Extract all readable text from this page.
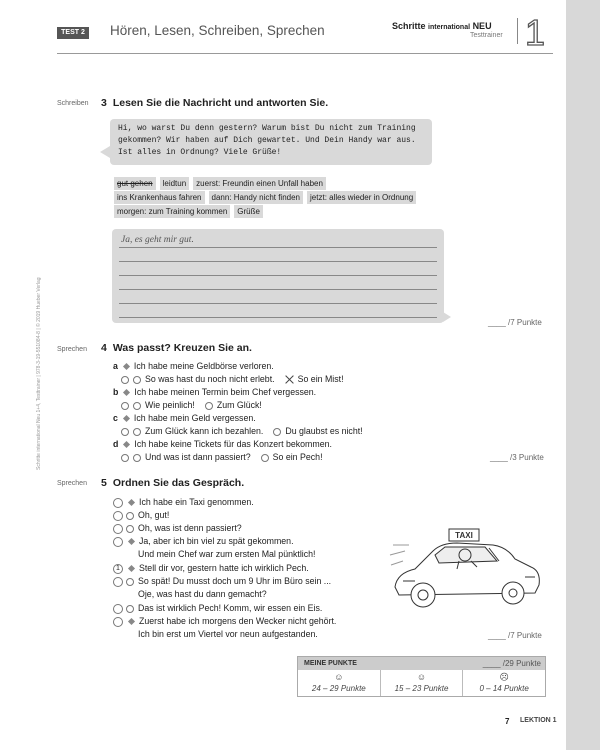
TEST 2	Hören, Lesen, Schreiben, Sprechen	Schritte international NEU
Testtrainer 1
Schreiben	3 Lesen Sie die Nachricht und antworten Sie.
Hi, wo warst Du denn gestern? Warum bist Du nicht zum Training
gekommen? Wir haben auf Dich gewartet. Und Dein Handy war aus.
Ist alles in Ordnung? Viele Grüße!
gut gehen leidtun zuerst: Freundin einen Unfall haben
ins Krankenhaus fahren dann: Handy nicht finden jetzt: alles wieder in Ordnung
morgen: zum Training kommen Grüße
Ja, es geht mir gut.
____ /7 Punkte
Sprechen	4 Was passt? Kreuzen Sie an.
a Ich habe meine Geldbörse verloren.
So was hast du noch nicht erlebt.	So ein Mist!
b Ich habe meinen Termin beim Chef vergessen.
Wie peinlich!	Zum Glück!
c Ich habe mein Geld vergessen.
Zum Glück kann ich bezahlen.	Du glaubst es nicht!
d Ich habe keine Tickets für das Konzert bekommen.
Und was ist dann passiert?	So ein Pech!	____ /3 Punkte
Sprechen	5 Ordnen Sie das Gespräch.
Ich habe ein Taxi genommen.
Oh, gut!
Oh, was ist denn passiert?
Ja, aber ich bin viel zu spät gekommen.
Und mein Chef war zum ersten Mal pünktlich!
1 Stell dir vor, gestern hatte ich wirklich Pech.
So spät! Du musst doch um 9 Uhr im Büro sein ...
Oje, was hast du dann gemacht?
Das ist wirklich Pech! Komm, wir essen ein Eis.
Zuerst habe ich morgens den Wecker nicht gehört.
Ich bin erst um Viertel vor neun aufgestanden.
TAXI
____ /7 Punkte
MEINE PUNKTE	____ /29 Punkte
☺
24 – 29 Punkte
☺
15 – 23 Punkte
☹
0 – 14 Punkte
7 LEKTION 1
Schritte international Neu 1+4, Testtrainer | 978-3-19-551084-8 | © 2019 Hueber Verlag
